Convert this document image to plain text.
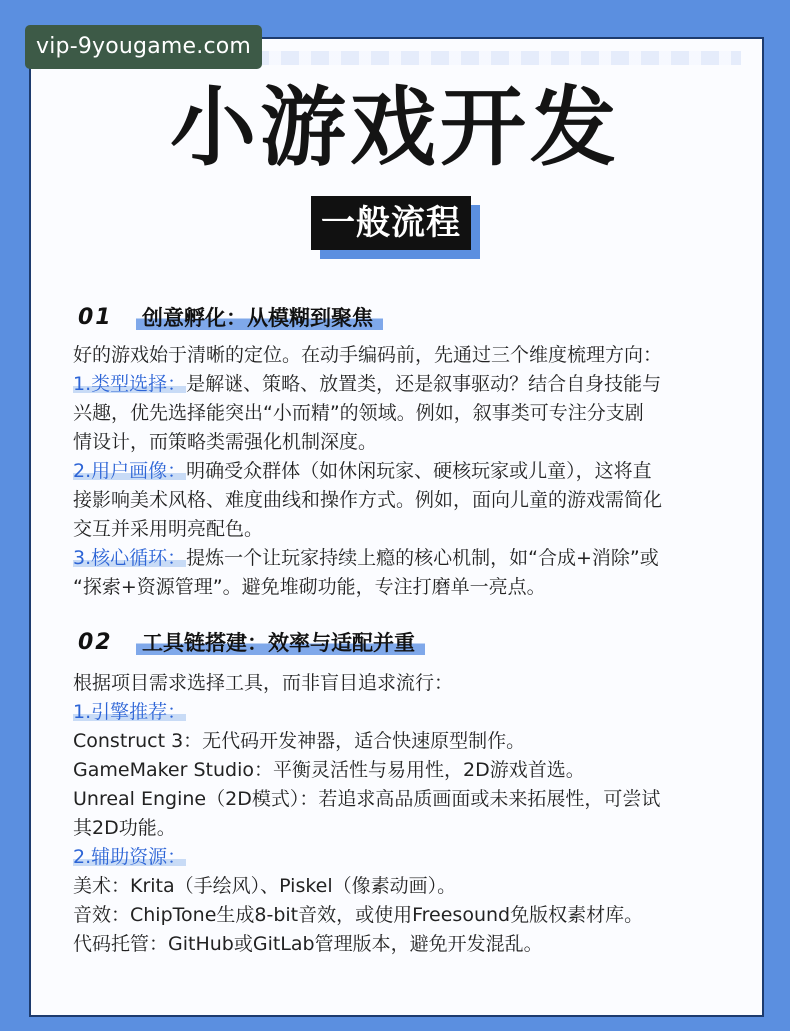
vip-9yougame.com
小游戏开发
一般流程
01 创意孵化：从模糊到聚焦
好的游戏始于清晰的定位。在动手编码前，先通过三个维度梳理方向：
1.类型选择：是解谜、策略、放置类，还是叙事驱动？结合自身技能与
兴趣，优先选择能突出“小而精”的领域。例如，叙事类可专注分支剧
情设计，而策略类需强化机制深度。
2.用户画像：明确受众群体（如休闲玩家、硬核玩家或儿童），这将直
接影响美术风格、难度曲线和操作方式。例如，面向儿童的游戏需简化
交互并采用明亮配色。
3.核心循环：提炼一个让玩家持续上瘾的核心机制，如“合成+消除”或
“探索+资源管理”。避免堆砌功能，专注打磨单一亮点。
02 工具链搭建：效率与适配并重
根据项目需求选择工具，而非盲目追求流行：
1.引擎推荐：
Construct 3：无代码开发神器，适合快速原型制作。
GameMaker Studio：平衡灵活性与易用性，2D游戏首选。
Unreal Engine（2D模式）：若追求高品质画面或未来拓展性，可尝试
其2D功能。
2.辅助资源：
美术：Krita（手绘风）、Piskel（像素动画）。
音效：ChipTone生成8-bit音效，或使用Freesound免版权素材库。
代码托管：GitHub或GitLab管理版本，避免开发混乱。
